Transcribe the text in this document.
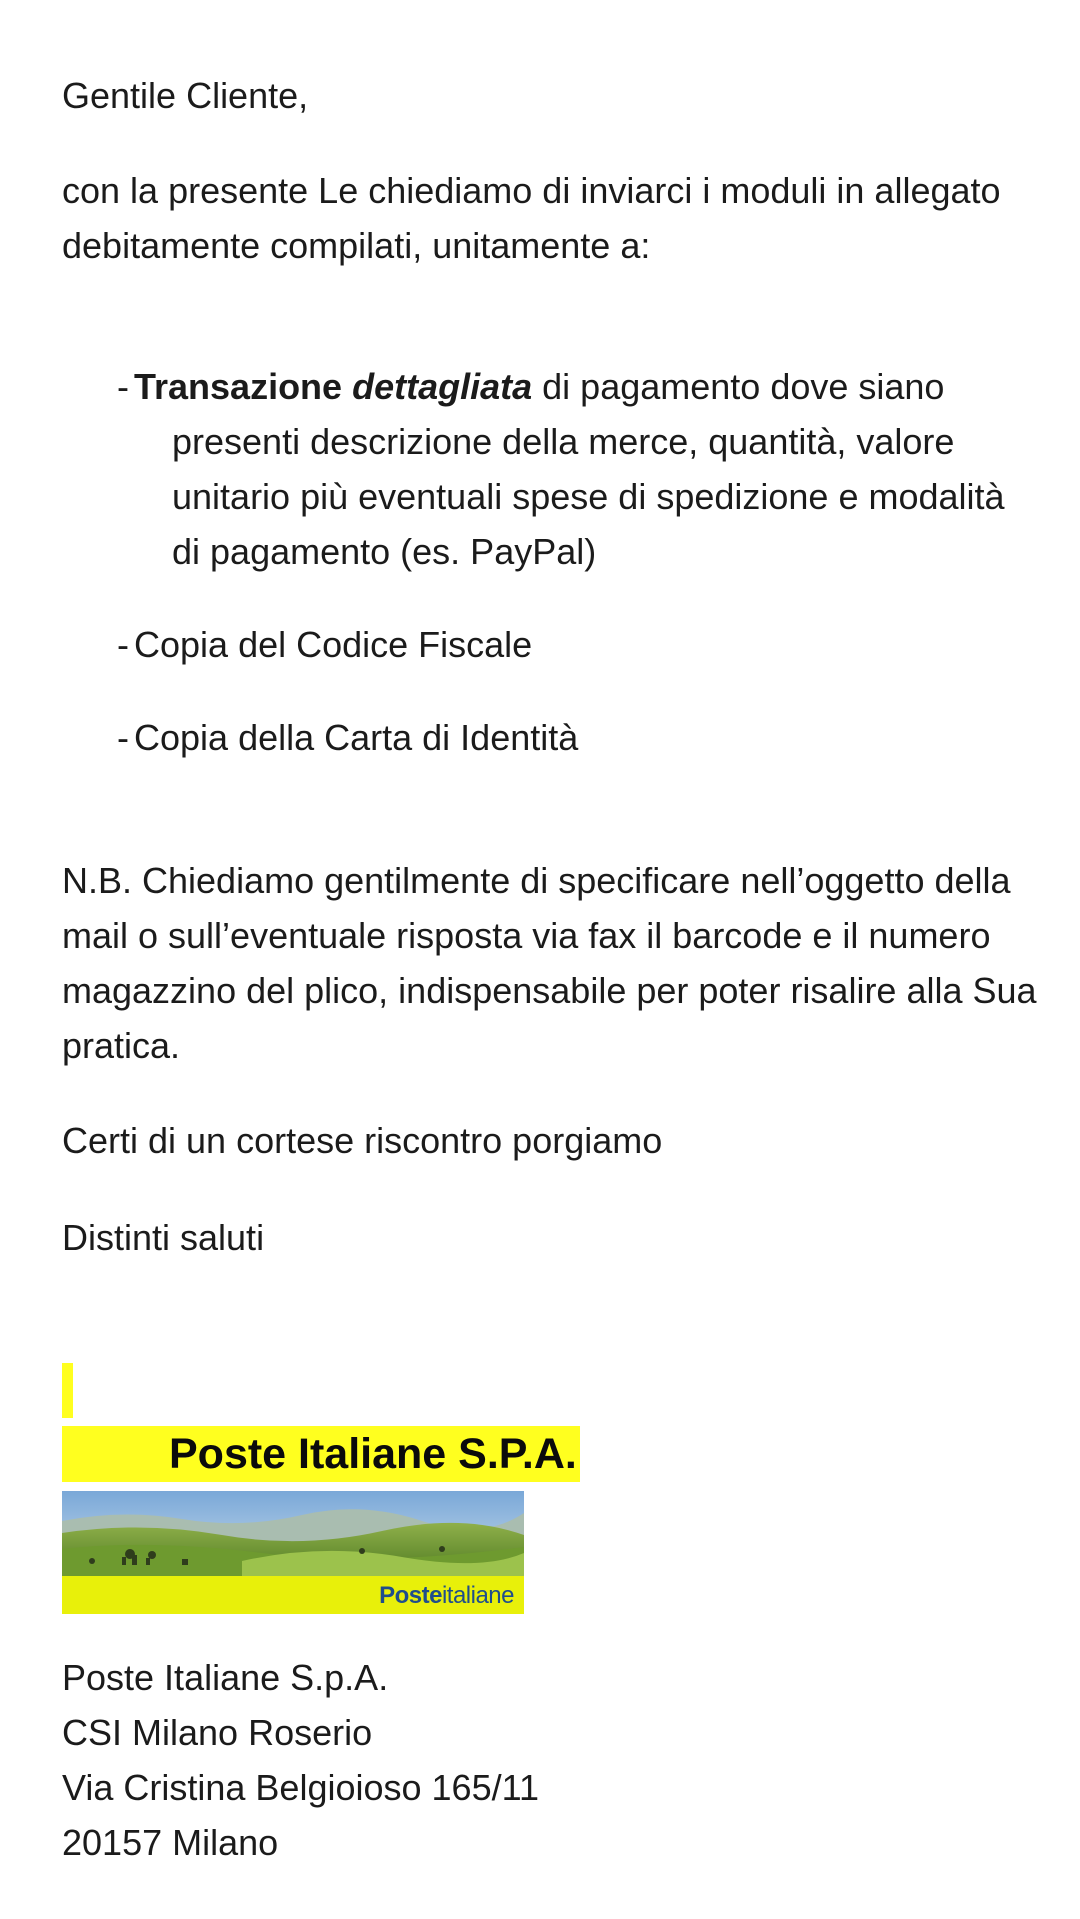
Gentile Cliente,

con la presente Le chiediamo di inviarci i moduli in allegato debitamente compilati, unitamente a:

- Transazione dettagliata di pagamento dove siano presenti descrizione della merce, quantità, valore unitario più eventuali spese di spedizione e modalità di pagamento (es. PayPal)
- Copia del Codice Fiscale
- Copia della Carta di Identità

N.B. Chiediamo gentilmente di specificare nell’oggetto della mail o sull’eventuale risposta via fax il barcode e il numero magazzino del plico, indispensabile per poter risalire alla Sua pratica.

Certi di un cortese riscontro porgiamo

Distinti saluti

Poste Italiane S.P.A.
Posteitaliane
Poste Italiane S.p.A.
CSI Milano Roserio
Via Cristina Belgioioso 165/11
20157 Milano
